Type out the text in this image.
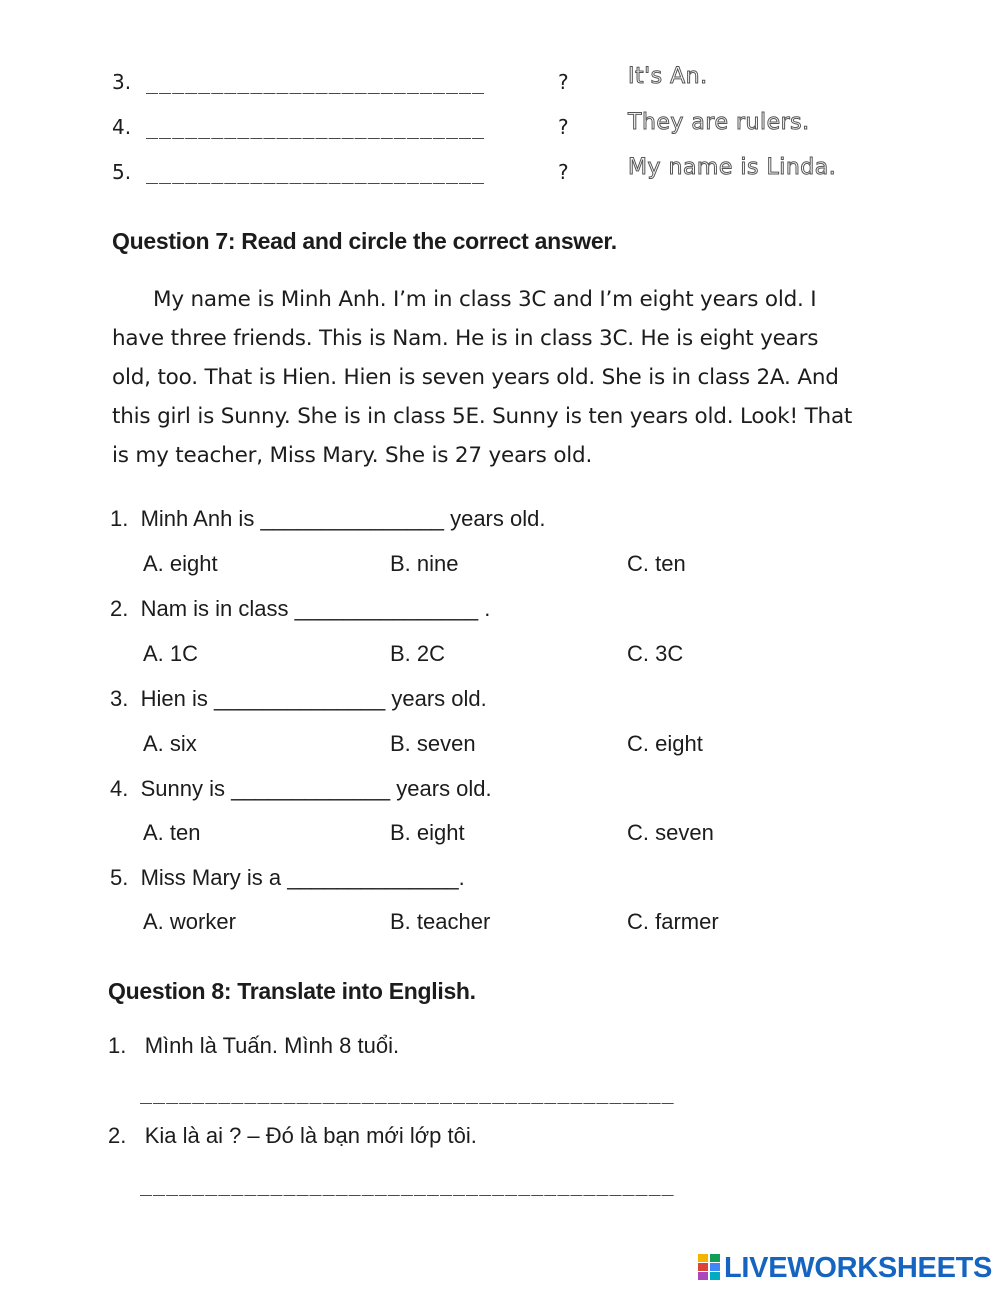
3. __________________________	?	It's An.
4. __________________________	?	They are rulers.
5. __________________________	?	My name is Linda.
Question 7: Read and circle the correct answer.
My name is Minh Anh. I’m in class 3C and I’m eight years old. I
have three friends. This is Nam. He is in class 3C. He is eight years
old, too. That is Hien. Hien is seven years old. She is in class 2A. And
this girl is Sunny. She is in class 5E. Sunny is ten years old. Look! That
is my teacher, Miss Mary. She is 27 years old.
1. Minh Anh is _______________ years old.
A. eight	B. nine	C. ten
2. Nam is in class _______________ .
A. 1C	B. 2C	C. 3C
3. Hien is ______________ years old.
A. six	B. seven	C. eight
4. Sunny is _____________ years old.
A. ten	B. eight	C. seven
5. Miss Mary is a ______________.
A. worker	B. teacher	C. farmer
Question 8: Translate into English.
1. Mình là Tuấn. Mình 8 tuổi.
_________________________________________
2. Kia là ai ? – Đó là bạn mới lớp tôi.
_________________________________________
LIVEWORKSHEETS
